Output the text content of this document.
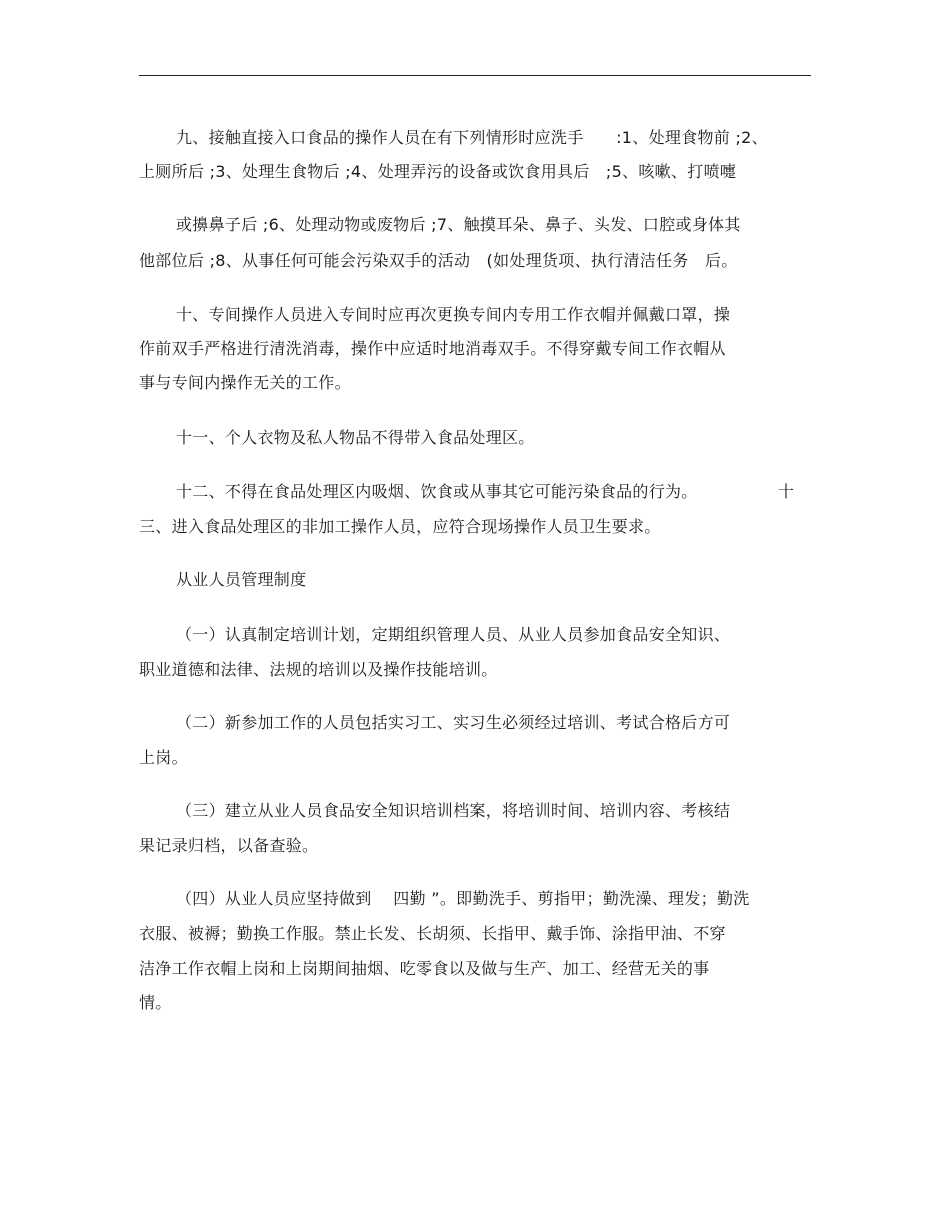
九、接触直接入口食品的操作人员在有下列情形时应洗手　　:1、处理食物前 ;2、
上厕所后 ;3、处理生食物后 ;4、处理弄污的设备或饮食用具后　;5、咳嗽、打喷嚏
或擤鼻子后 ;6、处理动物或废物后 ;7、触摸耳朵、鼻子、头发、口腔或身体其
他部位后 ;8、从事任何可能会污染双手的活动　(如处理货项、执行清洁任务　后。
十、专间操作人员进入专间时应再次更换专间内专用工作衣帽并佩戴口罩，操
作前双手严格进行清洗消毒，操作中应适时地消毒双手。不得穿戴专间工作衣帽从
事与专间内操作无关的工作。
十一、个人衣物及私人物品不得带入食品处理区。
十二、不得在食品处理区内吸烟、饮食或从事其它可能污染食品的行为。	十
三、进入食品处理区的非加工操作人员，应符合现场操作人员卫生要求。
从业人员管理制度
（一）认真制定培训计划，定期组织管理人员、从业人员参加食品安全知识、
职业道德和法律、法规的培训以及操作技能培训。
（二）新参加工作的人员包括实习工、实习生必须经过培训、考试合格后方可
上岗。
（三）建立从业人员食品安全知识培训档案，将培训时间、培训内容、考核结
果记录归档，以备查验。
（四）从业人员应坚持做到　 四勤 ”。即勤洗手、剪指甲；勤洗澡、理发；勤洗
衣服、被褥；勤换工作服。禁止长发、长胡须、长指甲、戴手饰、涂指甲油、不穿
洁净工作衣帽上岗和上岗期间抽烟、吃零食以及做与生产、加工、经营无关的事
情。
